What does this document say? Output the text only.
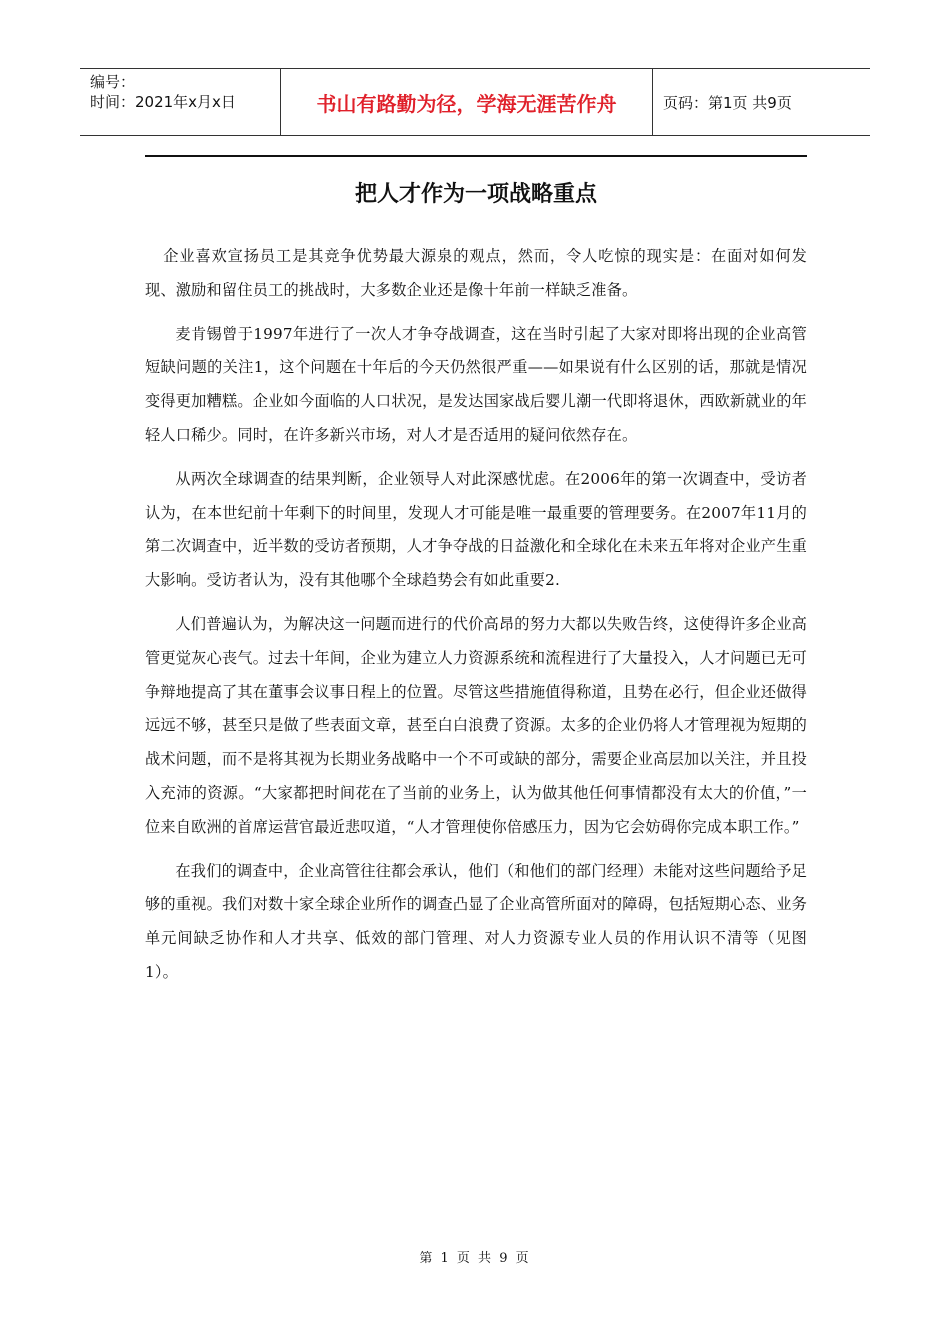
编号：
时间：2021年x月x日	书山有路勤为径，学海无涯苦作舟	页码：第1页 共9页
把人才作为一项战略重点

企业喜欢宣扬员工是其竞争优势最大源泉的观点，然而，令人吃惊的现实是：在面对如何发现、激励和留住员工的挑战时，大多数企业还是像十年前一样缺乏准备。

麦肯锡曾于1997年进行了一次人才争夺战调查，这在当时引起了大家对即将出现的企业高管短缺问题的关注1，这个问题在十年后的今天仍然很严重——如果说有什么区别的话，那就是情况变得更加糟糕。企业如今面临的人口状况，是发达国家战后婴儿潮一代即将退休，西欧新就业的年轻人口稀少。同时，在许多新兴市场，对人才是否适用的疑问依然存在。

从两次全球调查的结果判断，企业领导人对此深感忧虑。在2006年的第一次调查中，受访者认为，在本世纪前十年剩下的时间里，发现人才可能是唯一最重要的管理要务。在2007年11月的第二次调查中，近半数的受访者预期，人才争夺战的日益激化和全球化在未来五年将对企业产生重大影响。受访者认为，没有其他哪个全球趋势会有如此重要2.

人们普遍认为，为解决这一问题而进行的代价高昂的努力大都以失败告终，这使得许多企业高管更觉灰心丧气。过去十年间，企业为建立人力资源系统和流程进行了大量投入，人才问题已无可争辩地提高了其在董事会议事日程上的位置。尽管这些措施值得称道，且势在必行，但企业还做得远远不够，甚至只是做了些表面文章，甚至白白浪费了资源。太多的企业仍将人才管理视为短期的战术问题，而不是将其视为长期业务战略中一个不可或缺的部分，需要企业高层加以关注，并且投入充沛的资源。“大家都把时间花在了当前的业务上，认为做其他任何事情都没有太大的价值，”一位来自欧洲的首席运营官最近悲叹道，“人才管理使你倍感压力，因为它会妨碍你完成本职工作。”

在我们的调查中，企业高管往往都会承认，他们（和他们的部门经理）未能对这些问题给予足够的重视。我们对数十家全球企业所作的调查凸显了企业高管所面对的障碍，包括短期心态、业务单元间缺乏协作和人才共享、低效的部门管理、对人力资源专业人员的作用认识不清等（见图1）。

第 1 页 共 9 页
